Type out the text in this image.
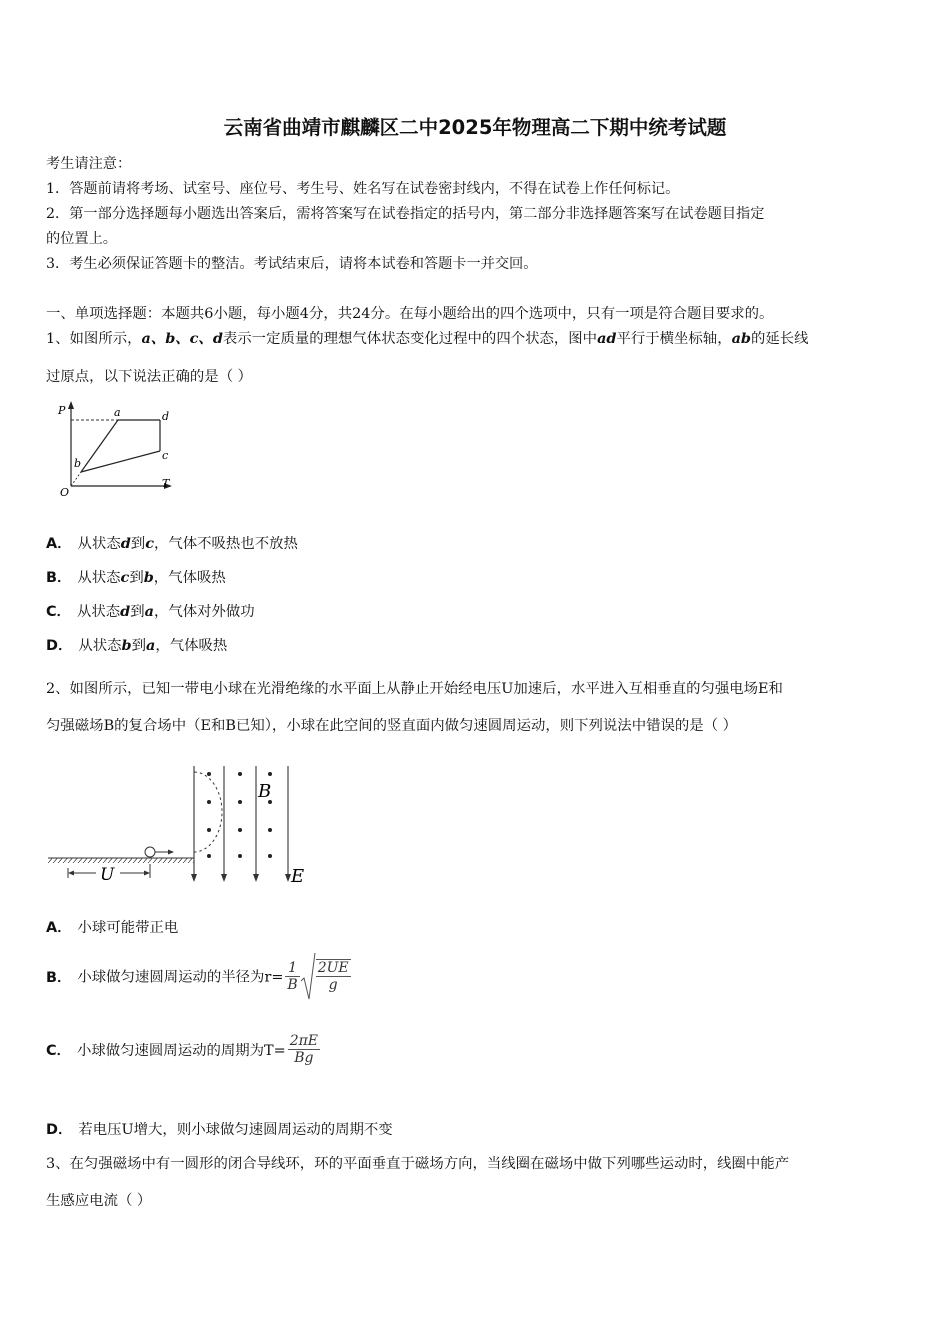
云南省曲靖市麒麟区二中2025年物理高二下期中统考试题
考生请注意：
1．答题前请将考场、试室号、座位号、考生号、姓名写在试卷密封线内，不得在试卷上作任何标记。
2．第一部分选择题每小题选出答案后，需将答案写在试卷指定的括号内，第二部分非选择题答案写在试卷题目指定
的位置上。
3．考生必须保证答题卡的整洁。考试结束后，请将本试卷和答题卡一并交回。
一、单项选择题：本题共6小题，每小题4分，共24分。在每小题给出的四个选项中，只有一项是符合题目要求的。
1、如图所示，a、b、c、d表示一定质量的理想气体状态变化过程中的四个状态，图中ad平行于横坐标轴，ab的延长线
过原点，以下说法正确的是（ ）
P
T
O
a
b
c
d
A． 从状态d到c，气体不吸热也不放热
B． 从状态c到b，气体吸热
C． 从状态d到a，气体对外做功
D． 从状态b到a，气体吸热
2、如图所示，已知一带电小球在光滑绝缘的水平面上从静止开始经电压U加速后，水平进入互相垂直的匀强电场E和
匀强磁场B的复合场中（E和B已知），小球在此空间的竖直面内做匀速圆周运动，则下列说法中错误的是（ ）
U
B
E
A． 小球可能带正电
B． 小球做匀速圆周运动的半径为$r= \frac{1}{B} \frac{2UE}{g}$
C． 小球做匀速圆周运动的周期为$T= \frac{2\pi E}{Bg}$
D． 若电压U增大，则小球做匀速圆周运动的周期不变
3、在匀强磁场中有一圆形的闭合导线环，环的平面垂直于磁场方向，当线圈在磁场中做下列哪些运动时，线圈中能产
生感应电流（ ）
